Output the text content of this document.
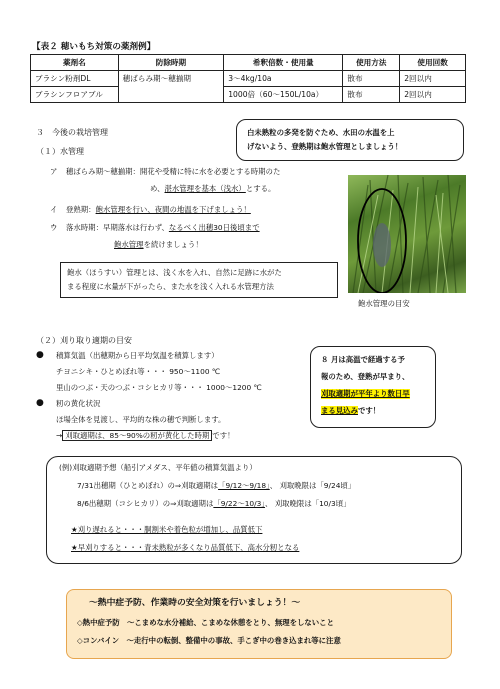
【表２ 穂いもち対策の薬剤例】
薬剤名	防除時期	希釈倍数・使用量	使用方法	使用回数
ブラシン粉剤DL	穂ばらみ期〜穂揃期	3〜4kg/10a	散布	2回以内
ブラシンフロアブル		1000倍（60〜150L/10a）	散布	2回以内
３　今後の栽培管理
（１）水管理
白未熟粒の多発を防ぐため、水田の水温を上
げないよう、登熟期は飽水管理としましょう！
ア 穂ばらみ期〜穂揃期：開花や受精に特に水を必要とする時期のた
め、湛水管理を基本（浅水）とする。
イ 登熟期：飽水管理を行い、夜間の地温を下げましょう！
ウ 落水時期：早期落水は行わず、なるべく出穂30日後頃まで
飽水管理を続けましょう！
飽水（ほうすい）管理とは、浅く水を入れ、自然に足跡に水がた
まる程度に水量が下がったら、また水を浅く入れる水管理方法
飽水管理の目安
（２）刈り取り適期の目安
● 積算気温（出穂期から日平均気温を積算します）
チヨニシキ・ひとめぼれ等・・・ 950〜1100 ℃
里山のつぶ・天のつぶ・コシヒカリ等・・・ 1000〜1200 ℃
● 籾の黄化状況
ほ場全体を見渡し、平均的な株の穂で判断します。
→ 刈取適期は、85〜90%の籾が黄化した時期 です！
８ 月は高温で経過する予
報のため、登熟が早まり、
刈取適期が平年より数日早
まる見込みです！
(例)刈取適期予想（船引アメダス、平年値の積算気温より）
7/31出穂期（ひとめぼれ）の⇒刈取適期は「9/12〜9/18」、 刈取晩限は「9/24頃」
8/6出穂期（コシヒカリ）の⇒刈取適期は「9/22〜10/3」、 刈取晩限は「10/3頃」
★刈り遅れると・・・胴割米や着色粒が増加し、品質低下
★早刈りすると・・・青未熟粒が多くなり品質低下、高水分籾となる
〜熱中症予防、作業時の安全対策を行いましょう！〜
◇熱中症予防　〜こまめな水分補給、こまめな休憩をとり、無理をしないこと
◇コンバイン　〜走行中の転倒、整備中の事故、手こぎ中の巻き込まれ等に注意
